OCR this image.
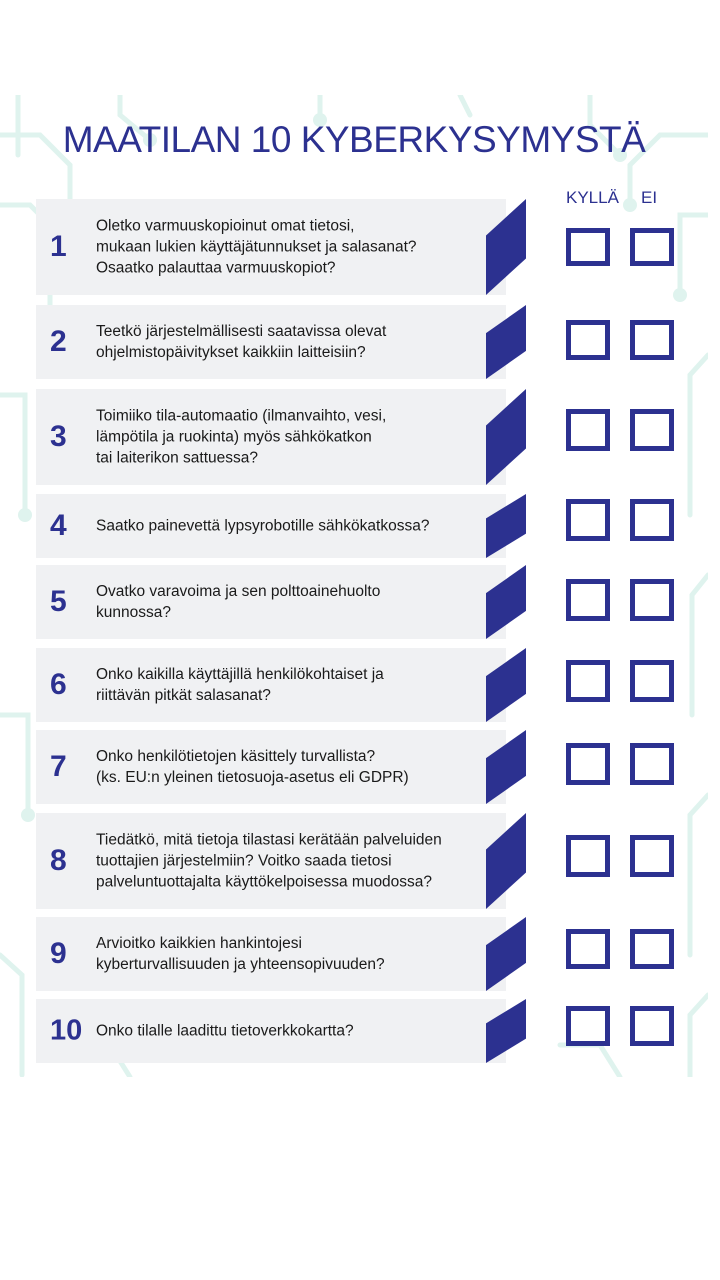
MAATILAN 10 KYBERKYSYMYSTÄ
KYLLÄ EI
1
Oletko varmuuskopioinut omat tietosi,
mukaan lukien käyttäjätunnukset ja salasanat?
Osaatko palauttaa varmuuskopiot?
2 Teetkö järjestelmällisesti saatavissa olevat
ohjelmistopäivitykset kaikkiin laitteisiin?
3
Toimiiko tila-automaatio (ilmanvaihto, vesi,
lämpötila ja ruokinta) myös sähkökatkon
tai laiterikon sattuessa?
4 Saatko painevettä lypsyrobotille sähkökatkossa?
5 Ovatko varavoima ja sen polttoainehuolto
kunnossa?
6 Onko kaikilla käyttäjillä henkilökohtaiset ja
riittävän pitkät salasanat?
7 Onko henkilötietojen käsittely turvallista?
(ks. EU:n yleinen tietosuoja-asetus eli GDPR)
8
Tiedätkö, mitä tietoja tilastasi kerätään palveluiden
tuottajien järjestelmiin? Voitko saada tietosi
palveluntuottajalta käyttökelpoisessa muodossa?
9 Arvioitko kaikkien hankintojesi
kyberturvallisuuden ja yhteensopivuuden?
10 Onko tilalle laadittu tietoverkkokartta?
